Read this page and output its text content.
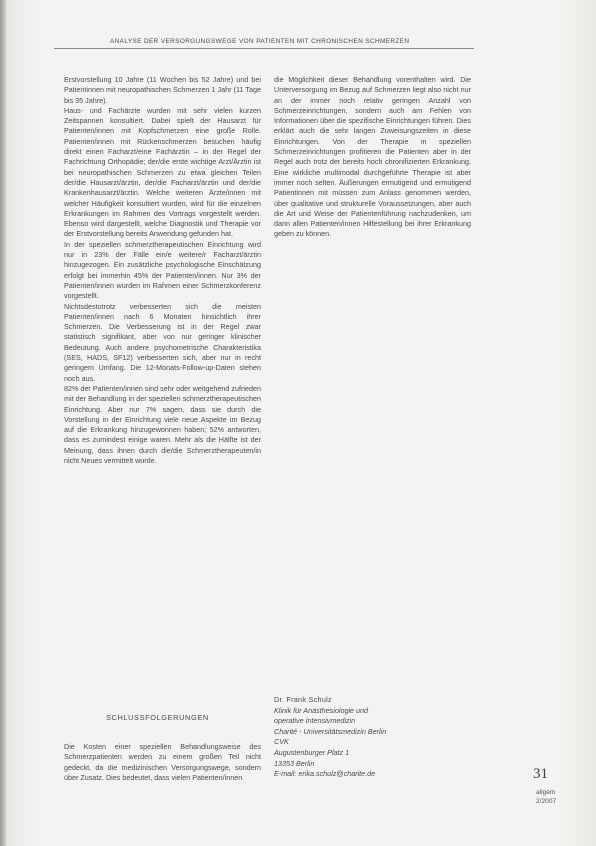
ANALYSE DER VERSORGUNGSWEGE VON PATIENTEN MIT CHRONISCHEN SCHMERZEN
Erstvorstellung 10 Jahre (11 Wochen bis 52 Jahre) und bei Patientinnen mit neuropathischen Schmerzen 1 Jahr (11 Tage bis 35 Jahre).
Haus- und Fachärzte wurden mit sehr vielen kurzen Zeitspannen konsultiert. Dabei spielt der Hausarzt für Patienten/innen mit Kopfschmerzen eine große Rolle. Patienten/innen mit Rückenschmerzen besuchen häufig direkt einen Facharzt/eine Fachärztin – in der Regel der Fachrichtung Orthopädie; der/die erste wichtige Arzt/Ärztin ist bei neuropathischen Schmerzen zu etwa gleichen Teilen der/die Hausarzt/ärztin, der/die Facharzt/ärztin und der/die Krankenhausarzt/ärztin. Welche weiteren Ärzte/innen mit welcher Häufigkeit konsultiert wurden, wird für die einzelnen Erkrankungen im Rahmen des Vortrags vorgestellt werden. Ebenso wird dargestellt, welche Diagnostik und Therapie vor der Erstvorstellung bereits Anwendung gefunden hat.
In der speziellen schmerztherapeutischen Einrichtung wird nur in 23% der Fälle ein/e weitere/r Facharzt/ärztin hinzugezogen. Ein zusätzliche psychologische Einschätzung erfolgt bei immerhin 45% der Patienten/innen. Nur 3% der Patienten/innen wurden im Rahmen einer Schmerzkonferenz vorgestellt.
Nichtsdestotrotz verbesserten sich die meisten Patienten/innen nach 6 Monaten hinsichtlich ihrer Schmerzen. Die Verbesserung ist in der Regel zwar statistisch signifikant, aber von nur geringer klinischer Bedeutung. Auch andere psychometrische Charakteristika (SES, HADS, SF12) verbesserten sich, aber nur in recht geringem Umfang. Die 12-Monats-Follow-up-Daten stehen noch aus.
82% der Patienten/innen sind sehr oder weitgehend zufrieden mit der Behandlung in der speziellen schmerztherapeutischen Einrichtung. Aber nur 7% sagen, dass sie durch die Vorstellung in der Einrichtung viele neue Aspekte im Bezug auf die Erkrankung hinzugewonnen haben; 52% antworten, dass es zumindest einige waren. Mehr als die Hälfte ist der Meinung, dass ihnen durch die/die Schmerztherapeuten/in nicht Neues vermittelt wurde.
die Möglichkeit dieser Behandlung vorenthalten wird. Die Unterversorgung im Bezug auf Schmerzen liegt also nicht nur an der immer noch relativ geringen Anzahl von Schmerzeinrichtungen, sondern auch am Fehlen von Informationen über die spezifische Einrichtungen führen. Dies erklärt auch die sehr langen Zuweisungszeiten in diese Einrichtungen. Von der Therapie in speziellen Schmerzeinrichtungen profitieren die Patienten aber in der Regel auch trotz der bereits hoch chronifizierten Erkrankung. Eine wirkliche multimodal durchgeführte Therapie ist aber immer noch selten. Äußerungen ermutigend und ermutigend Patientinnen mit müssen zum Anlass genommen werden, über qualitative und strukturelle Voraussetzungen, aber auch die Art und Weise der Patientenführung nachzudenken, um dann allen Patienten/innen Hilfestellung bei ihrer Erkrankung geben zu können.
SCHLUSSFOLGERUNGEN
Die Kosten einer speziellen Behandlungsweise des Schmerzpatienten werden zu einem großen Teil nicht gedeckt, da die medizinischen Versorgungswege, sondern über Zusatz. Dies bedeutet, dass vielen Patienten/innen
Dr. Frank Schulz
Klinik für Anästhesiologie und
operative Intensivmedizin
Charité - Universitätsmedizin Berlin
CVK
Augustenburger Platz 1
13353 Berlin
E-mail: erika.schulz@charite.de	31
allgem
2/2007
